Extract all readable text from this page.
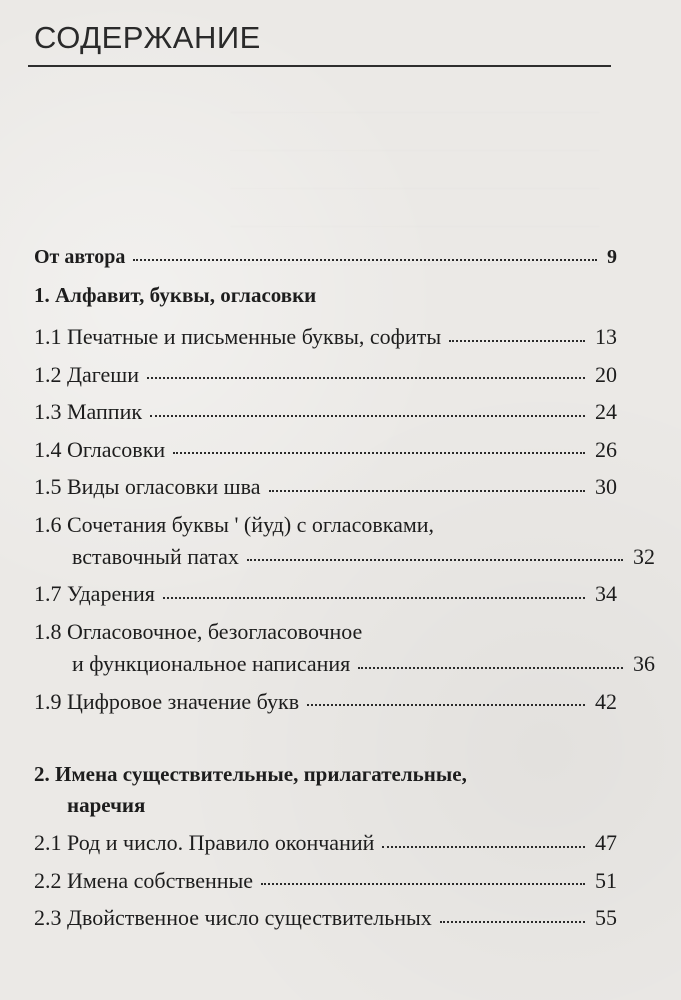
СОДЕРЖАНИЕ
От автора	9
1. Алфавит, буквы, огласовки
1.1 Печатные и письменные буквы, софиты	13
1.2 Дагеши	20
1.3 Маппик	24
1.4 Огласовки	26
1.5 Виды огласовки шва	30
1.6 Сочетания буквы ' (йуд) с огласовками,
вставочный патах	32
1.7 Ударения	34
1.8 Огласовочное, безогласовочное
и функциональное написания	36
1.9 Цифровое значение букв	42
2. Имена существительные, прилагательные,
наречия
2.1 Род и число. Правило окончаний	47
2.2 Имена собственные	51
2.3 Двойственное число существительных	55
